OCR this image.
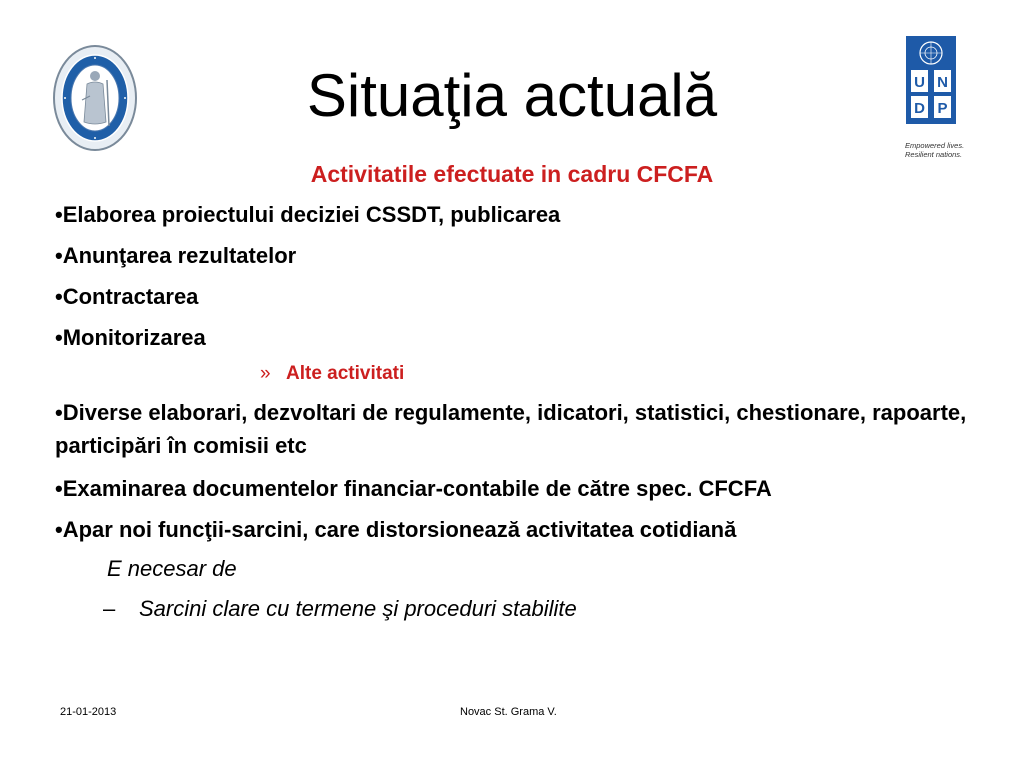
U N
D P
Empowered lives.
Resilient nations.
Situaţia actuală
Activitatile efectuate in cadru CFCFA
•Elaborea proiectului deciziei CSSDT, publicarea
•Anunţarea rezultatelor
•Contractarea
•Monitorizarea
» Alte activitati
•Diverse elaborari, dezvoltari de regulamente, idicatori, statistici, chestionare, rapoarte, participări în comisii etc
•Examinarea documentelor financiar-contabile de către spec. CFCFA
•Apar noi funcţii-sarcini, care distorsionează activitatea cotidiană
E necesar de
– Sarcini clare cu termene şi proceduri stabilite
21-01-2013	Novac St. Grama V.
